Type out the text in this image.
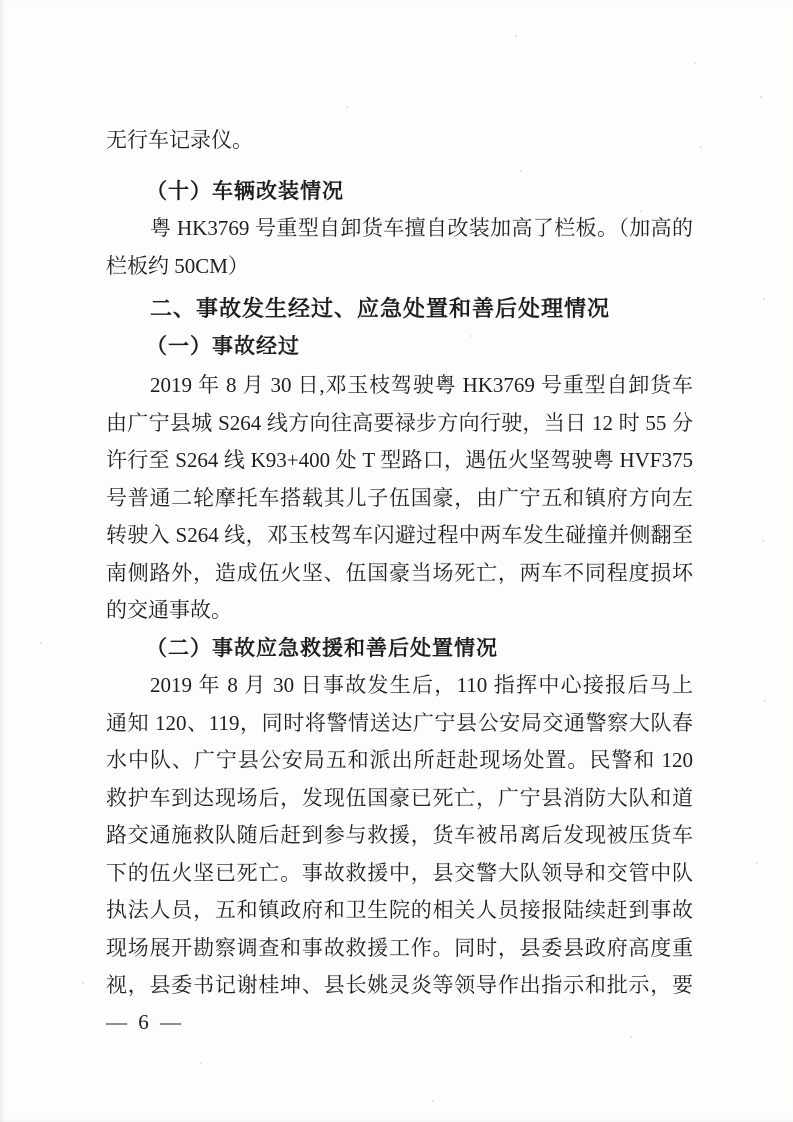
无行车记录仪。
（十）车辆改装情况
粤 HK3769 号重型自卸货车擅自改装加高了栏板。（加高的
栏板约 50CM）
二、事故发生经过、应急处置和善后处理情况
（一）事故经过
2019 年 8 月 30 日,邓玉枝驾驶粤 HK3769 号重型自卸货车
由广宁县城 S264 线方向往高要禄步方向行驶，当日 12 时 55 分
许行至 S264 线 K93+400 处 T 型路口，遇伍火坚驾驶粤 HVF375
号普通二轮摩托车搭载其儿子伍国豪，由广宁五和镇府方向左
转驶入 S264 线，邓玉枝驾车闪避过程中两车发生碰撞并侧翻至
南侧路外，造成伍火坚、伍国豪当场死亡，两车不同程度损坏
的交通事故。
（二）事故应急救援和善后处置情况
2019 年 8 月 30 日事故发生后，110 指挥中心接报后马上
通知 120、119，同时将警情送达广宁县公安局交通警察大队春
水中队、广宁县公安局五和派出所赶赴现场处置。民警和 120
救护车到达现场后，发现伍国豪已死亡，广宁县消防大队和道
路交通施救队随后赶到参与救援，货车被吊离后发现被压货车
下的伍火坚已死亡。事故救援中，县交警大队领导和交管中队
执法人员，五和镇政府和卫生院的相关人员接报陆续赶到事故
现场展开勘察调查和事故救援工作。同时，县委县政府高度重
视，县委书记谢桂坤、县长姚灵炎等领导作出指示和批示，要
— 6 —
